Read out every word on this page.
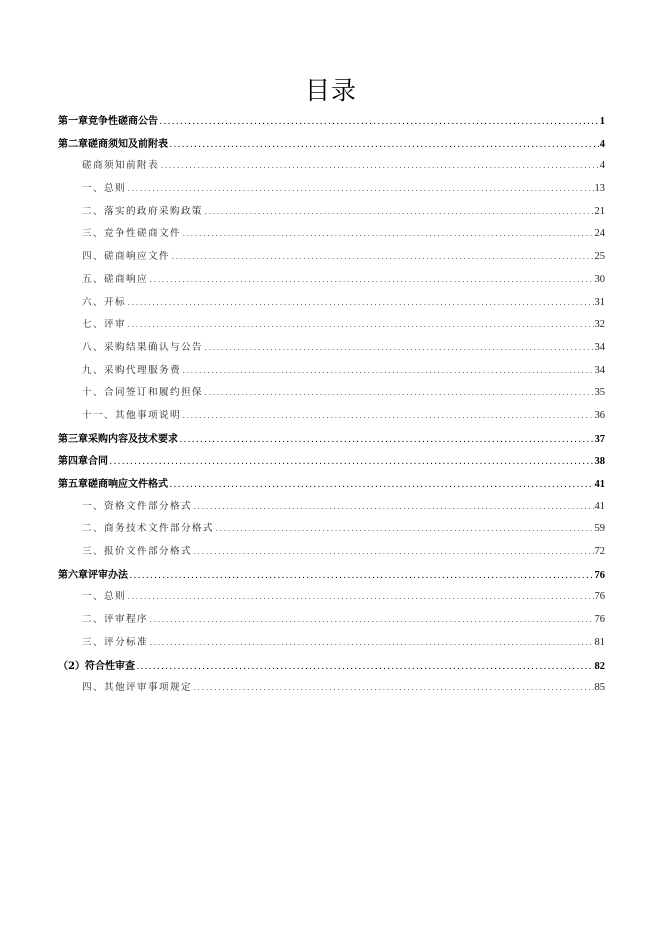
目录
第一章竞争性磋商公告 .....	1
第二章磋商须知及前附表 .....	4
磋商须知前附表 .....	4
一、总则 .....	13
二、落实的政府采购政策 .....	21
三、竞争性磋商文件 .....	24
四、磋商响应文件 .....	25
五、磋商响应 .....	30
六、开标 .....	31
七、评审 .....	32
八、采购结果确认与公告 .....	34
九、采购代理服务费 .....	34
十、合同签订和履约担保 .....	35
十一、其他事项说明 .....	36
第三章采购内容及技术要求 .....	37
第四章合同 .....	38
第五章磋商响应文件格式 .....	41
一、资格文件部分格式 .....	41
二、商务技术文件部分格式 .....	59
三、报价文件部分格式 .....	72
第六章评审办法 .....	76
一、总则 .....	76
二、评审程序 .....	76
三、评分标准 .....	81
（2）符合性审查 .....	82
四、其他评审事项规定 .....	85
